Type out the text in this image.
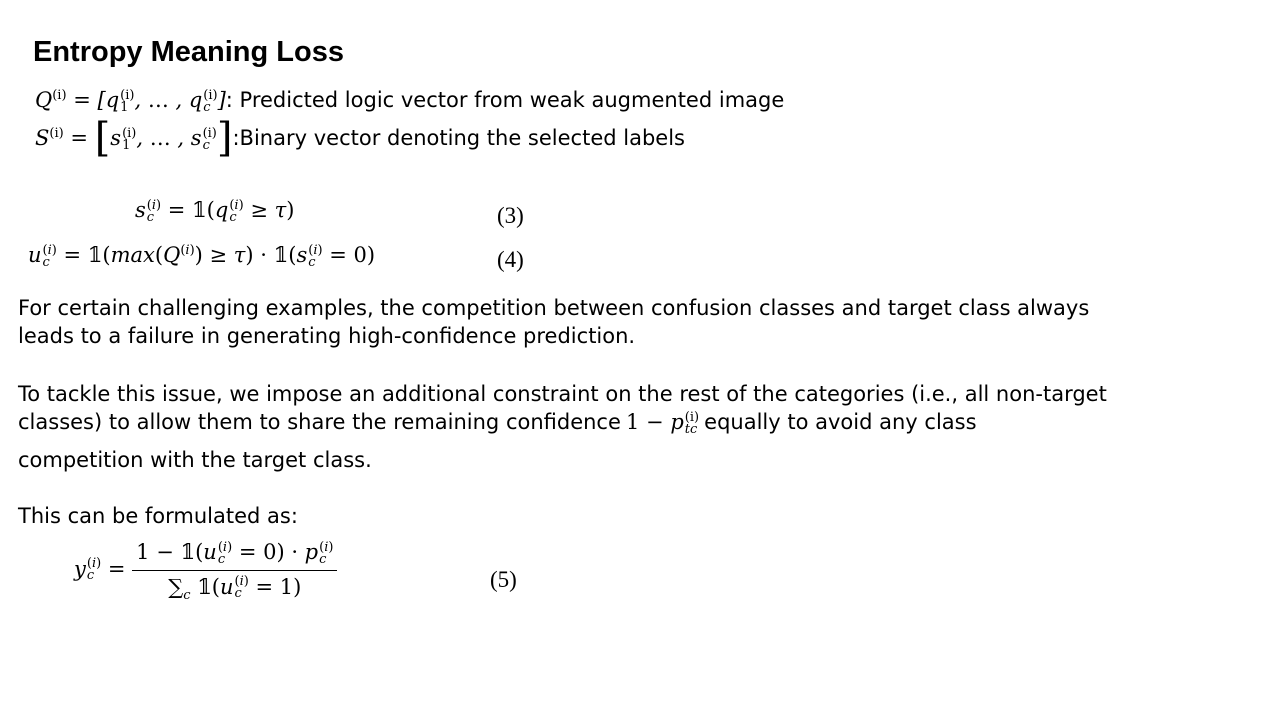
Entropy Meaning Loss
$Q^{(i)} = [q$ (i)
1 , … , q (i)
c ]: Predicted logic vector from weak augmented image
$S^{(i)} = [s$ (i)
1 , … , s (i)
c ]:Binary vector denoting the selected labels
s (i)
c = 𝟙(q (i)
c ≥ τ)	(3)
u (i)
$c = 𝟙(\max(Q^{(i)}) \ge \tau)$ · 𝟙(s (i)
c = 0)	(4)
For certain challenging examples, the competition between confusion classes and target class always
leads to a failure in generating high-confidence prediction.
To tackle this issue, we impose an additional constraint on the rest of the categories (i.e., all non-target
classes) to allow them to share the remaining confidence 1 − p (i)
tc equally to avoid any class
competition with the target class.
This can be formulated as:
y (i)
c = 1 − 𝟙(u (i)
c = 0) · p (i)
c
$\sum_c$ 𝟙(u (i)
c = 1)	(5)
